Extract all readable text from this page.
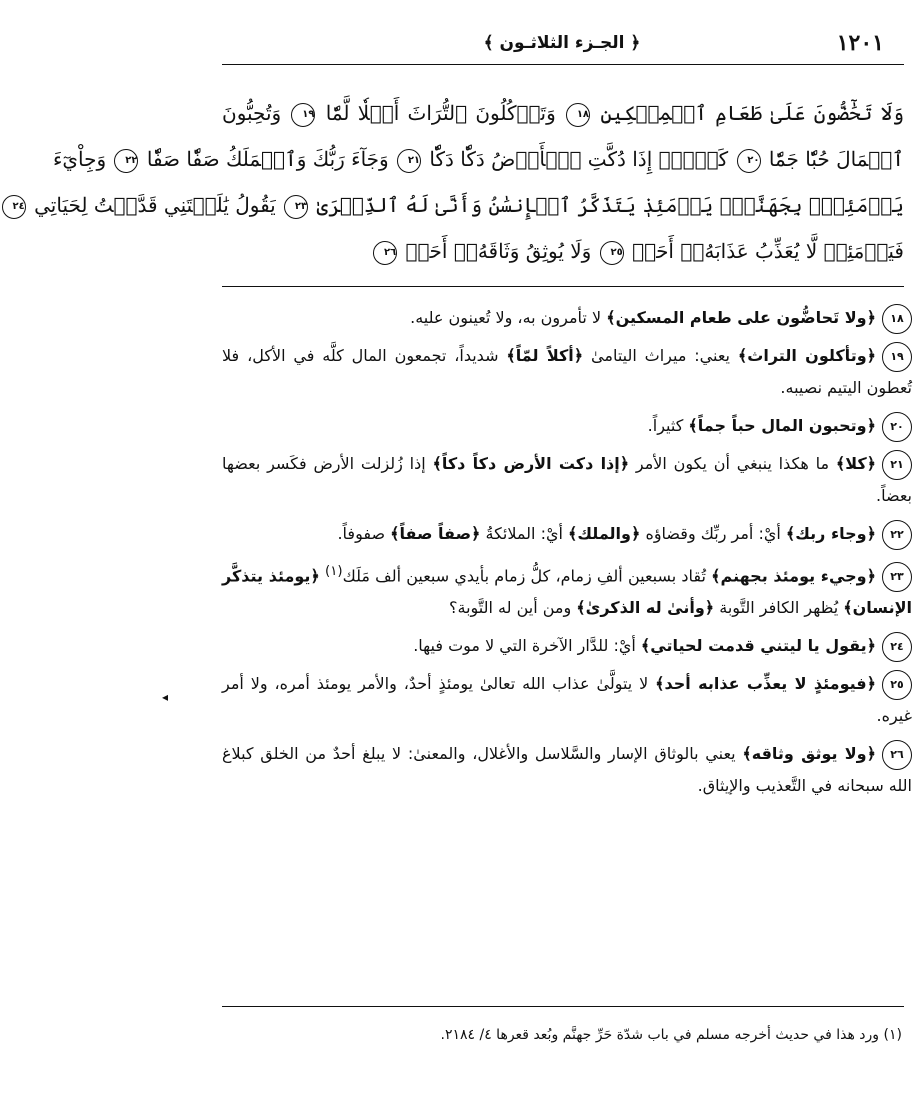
١٢٠١
﴿ الجـزء الثلاثـون ﴾
وَلَا تَحَٰٓضُّونَ عَلَىٰ طَعَامِ ٱلۡمِسۡكِينِ ١٨ وَتَأۡكُلُونَ ٱلتُّرَاثَ أَكۡلٗا لَّمّٗا ١٩ وَتُحِبُّونَ
ٱلۡمَالَ حُبّٗا جَمّٗا ٢٠ كَلَّآۖ إِذَا دُكَّتِ ٱلۡأَرۡضُ دَكّٗا دَكّٗا ٢١ وَجَآءَ رَبُّكَ وَٱلۡمَلَكُ صَفّٗا صَفّٗا ٢٢ وَجِاْيٓءَ
يَوۡمَئِذِۭ بِجَهَنَّمَۚ يَوۡمَئِذٖ يَتَذَكَّرُ ٱلۡإِنسَٰنُ وَأَنَّىٰ لَهُ ٱلذِّكۡرَىٰ ٢٣ يَقُولُ يَٰلَيۡتَنِي قَدَّمۡتُ لِحَيَاتِي ٢٤
فَيَوۡمَئِذٖ لَّا يُعَذِّبُ عَذَابَهُۥٓ أَحَدٞ ٢٥ وَلَا يُوثِقُ وَثَاقَهُۥٓ أَحَدٞ ٢٦
١٨﴿ولا تَحاضُّون على طعام المسكين﴾ لا تأمرون به، ولا تُعينون عليه.
١٩﴿وتأكلون التراث﴾ يعني: ميراث اليتامىٰ ﴿أكلاً لمّاً﴾ شديداً، تجمعون المال كلَّه في الأكل، فلا تُعطون اليتيم نصيبه.
٢٠﴿وتحبون المال حباً جماً﴾ كثيراً.
٢١﴿كلا﴾ ما هكذا ينبغي أن يكون الأمر ﴿إذا دكت الأرض دكاً دكاً﴾ إذا زُلزلت الأرض فكَسر بعضها بعضاً.
٢٢﴿وجاء ربك﴾ أيْ: أمر ربِّك وقضاؤه ﴿والملك﴾ أيْ: الملائكةُ ﴿صفاً صفاً﴾ صفوفاً.
٢٣﴿وجيء يومئذ بجهنم﴾ تُقاد بسبعين ألفِ زمام، كلُّ زمام بأيدي سبعين ألف مَلَك$^{(١)}$ ﴿يومئذ يتذكَّر الإنسان﴾ يُظهر الكافر التَّوبة ﴿وأنىٰ له الذكرىٰ﴾ ومن أين له التَّوبة؟
٢٤﴿يقول يا ليتني قدمت لحياتي﴾ أيْ: للدَّار الآخرة التي لا موت فيها.
٢٥﴿فيومئذٍ لا يعذِّب عذابه أحد﴾ لا يتولَّىٰ عذاب الله تعالىٰ يومئذٍ أحدٌ، والأمر يومئذ أمره، ولا أمر غيره.
٢٦﴿ولا يوثق وثاقه﴾ يعني بالوثاق الإسار والسَّلاسل والأغلال، والمعنىٰ: لا يبلغ أحدٌ من الخلق كبلاغ الله سبحانه في التَّعذيب والإيثاق.
◂
(١) ورد هذا في حديث أخرجه مسلم في باب شدّة حَرِّ جهنَّم وبُعد قعرها ٤/ ٢١٨٤.
